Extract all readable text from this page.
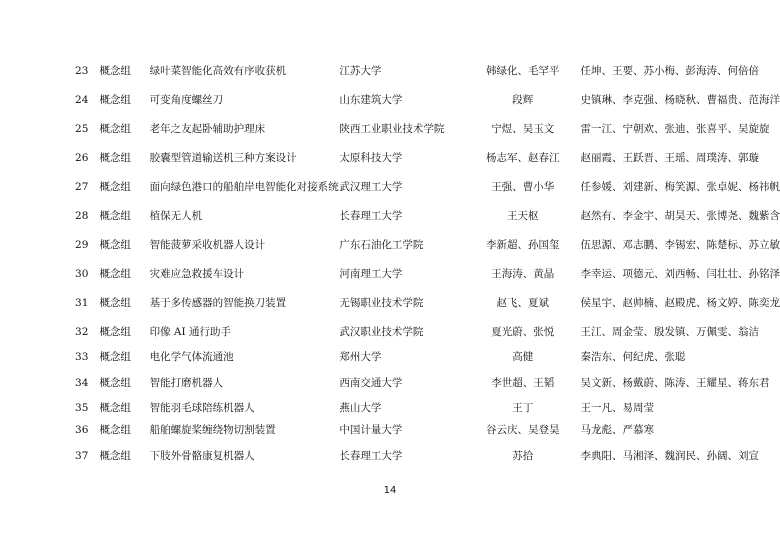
23	概念组	绿叶菜智能化高效有序收获机	江苏大学	韩绿化、毛罕平	任坤、王要、苏小梅、彭海涛、何倍倍
24	概念组	可变角度螺丝刀	山东建筑大学	段辉	史镇琳、李克强、杨晓秋、曹福贵、范海洋
25	概念组	老年之友起卧辅助护理床	陕西工业职业技术学院	宁煜、吴玉文	雷一江、宁朝欢、张迪、张喜平、吴旋旋
26	概念组	胶囊型管道输送机三种方案设计	太原科技大学	杨志军、赵春江	赵丽霞、王跃晋、王瑶、周璞涛、郭璇
27	概念组	面向绿色港口的船舶岸电智能化对接系统	武汉理工大学	王强、曹小华	任参媛、刘建新、梅笑源、张卓妮、杨祎帆
28	概念组	植保无人机	长春理工大学	王天枢	赵然有、李金宇、胡昊天、张博尧、魏紫含
29	概念组	智能菠萝采收机器人设计	广东石油化工学院	李新超、孙国玺	伍思源、邓志鹏、李锡宏、陈楚标、苏立敏
30	概念组	灾难应急救援车设计	河南理工大学	王海涛、黄晶	李幸运、项德元、刘西畅、闫壮壮、孙铭泽
31	概念组	基于多传感器的智能换刀装置	无锡职业技术学院	赵飞、夏斌	侯星宇、赵帅楠、赵殿虎、杨文婷、陈奕龙
32	概念组	印像 AI 通行助手	武汉职业技术学院	夏光蔚、张悦	王江、周金莹、殷发镇、万佩雯、翁洁
33	概念组	电化学气体流通池	郑州大学	高健	秦浩东、何纪虎、张聪
34	概念组	智能打磨机器人	西南交通大学	李世超、王韬	吴文新、杨戴蔚、陈涛、王耀星、蒋东君
35	概念组	智能羽毛球陪练机器人	燕山大学	王丁	王一凡、易周莹
36	概念组	船舶螺旋桨缠绕物切割装置	中国计量大学	谷云庆、吴登昊	马龙彪、严慕寒
37	概念组	下肢外骨骼康复机器人	长春理工大学	苏拾	李典阳、马湘泽、魏润民、孙阔、刘宣
14
